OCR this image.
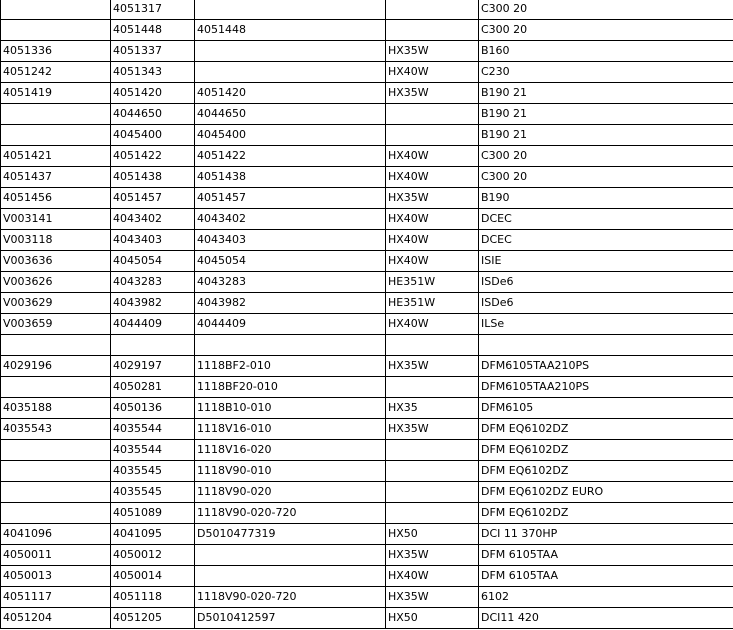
	4051317			C300 20
	4051448	4051448		C300 20
4051336	4051337		HX35W	B160
4051242	4051343		HX40W	C230
4051419	4051420	4051420	HX35W	B190 21
	4044650	4044650		B190 21
	4045400	4045400		B190 21
4051421	4051422	4051422	HX40W	C300 20
4051437	4051438	4051438	HX40W	C300 20
4051456	4051457	4051457	HX35W	B190
V003141	4043402	4043402	HX40W	DCEC
V003118	4043403	4043403	HX40W	DCEC
V003636	4045054	4045054	HX40W	ISIE
V003626	4043283	4043283	HE351W	ISDe6
V003629	4043982	4043982	HE351W	ISDe6
V003659	4044409	4044409	HX40W	ILSe

4029196	4029197	1118BF2-010	HX35W	DFM6105TAA210PS
	4050281	1118BF20-010		DFM6105TAA210PS
4035188	4050136	1118B10-010	HX35	DFM6105
4035543	4035544	1118V16-010	HX35W	DFM EQ6102DZ
	4035544	1118V16-020		DFM EQ6102DZ
	4035545	1118V90-010		DFM EQ6102DZ
	4035545	1118V90-020		DFM EQ6102DZ EURO
	4051089	1118V90-020-720		DFM EQ6102DZ
4041096	4041095	D5010477319	HX50	DCI 11 370HP
4050011	4050012		HX35W	DFM 6105TAA
4050013	4050014		HX40W	DFM 6105TAA
4051117	4051118	1118V90-020-720	HX35W	6102
4051204	4051205	D5010412597	HX50	DCI11 420
